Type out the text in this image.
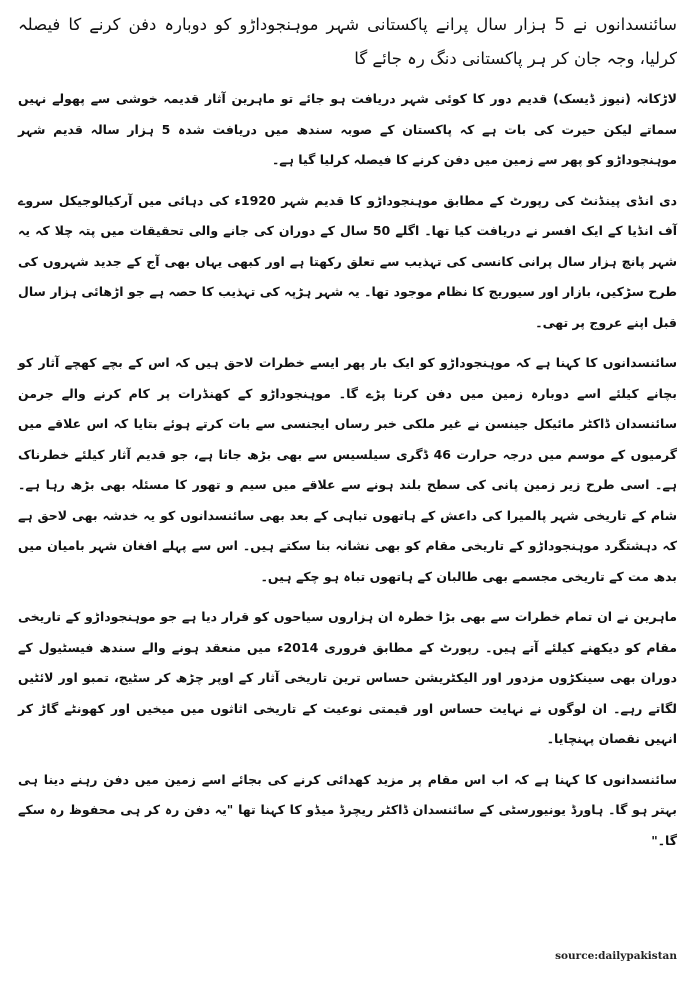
سائنسدانوں نے 5 ہزار سال پرانے پاکستانی شہر موہنجوداڑو کو دوبارہ دفن کرنے کا فیصلہ کرلیا، وجہ جان کر ہر پاکستانی دنگ رہ جائے گا

لاڑکانہ (نیوز ڈیسک) قدیم دور کا کوئی شہر دریافت ہو جائے تو ماہرین آثار قدیمہ خوشی سے پھولے نہیں سماتے لیکن حیرت کی بات ہے کہ پاکستان کے صوبہ سندھ میں دریافت شدہ 5 ہزار سالہ قدیم شہر موہنجوداڑو کو پھر سے زمین میں دفن کرنے کا فیصلہ کرلیا گیا ہے۔

دی انڈی پینڈنٹ کی رپورٹ کے مطابق موہنجوداڑو کا قدیم شہر 1920ء کی دہائی میں آرکیالوجیکل سروے آف انڈیا کے ایک افسر نے دریافت کیا تھا۔ اگلے 50 سال کے دوران کی جانے والی تحقیقات میں پتہ چلا کہ یہ شہر پانچ ہزار سال پرانی کانسی کی تہذیب سے تعلق رکھتا ہے اور کبھی یہاں بھی آج کے جدید شہروں کی طرح سڑکیں، بازار اور سیوریج کا نظام موجود تھا۔ یہ شہر ہڑپہ کی تہذیب کا حصہ ہے جو اڑھائی ہزار سال قبل اپنے عروج پر تھی۔

سائنسدانوں کا کہنا ہے کہ موہنجوداڑو کو ایک بار پھر ایسے خطرات لاحق ہیں کہ اس کے بچے کھچے آثار کو بچانے کیلئے اسے دوبارہ زمین میں دفن کرنا پڑے گا۔ موہنجوداڑو کے کھنڈرات پر کام کرنے والے جرمن سائنسدان ڈاکٹر مائیکل جینسن نے غیر ملکی خبر رساں ایجنسی سے بات کرتے ہوئے بتایا کہ اس علاقے میں گرمیوں کے موسم میں درجہ حرارت 46 ڈگری سیلسیس سے بھی بڑھ جاتا ہے، جو قدیم آثار کیلئے خطرناک ہے۔ اسی طرح زیر زمین پانی کی سطح بلند ہونے سے علاقے میں سیم و تھور کا مسئلہ بھی بڑھ رہا ہے۔ شام کے تاریخی شہر پالمیرا کی داعش کے ہاتھوں تباہی کے بعد بھی سائنسدانوں کو یہ خدشہ بھی لاحق ہے کہ دہشتگرد موہنجوداڑو کے تاریخی مقام کو بھی نشانہ بنا سکتے ہیں۔ اس سے پہلے افغان شہر بامیان میں بدھ مت کے تاریخی مجسمے بھی طالبان کے ہاتھوں تباہ ہو چکے ہیں۔

ماہرین نے ان تمام خطرات سے بھی بڑا خطرہ ان ہزاروں سیاحوں کو قرار دیا ہے جو موہنجوداڑو کے تاریخی مقام کو دیکھنے کیلئے آتے ہیں۔ رپورٹ کے مطابق فروری 2014ء میں منعقد ہونے والے سندھ فیسٹیول کے دوران بھی سینکڑوں مزدور اور الیکٹریشن حساس ترین تاریخی آثار کے اوپر چڑھ کر سٹیج، تمبو اور لائٹیں لگاتے رہے۔ ان لوگوں نے نہایت حساس اور قیمتی نوعیت کے تاریخی اثاثوں میں میخیں اور کھونٹے گاڑ کر انہیں نقصان پہنچایا۔

سائنسدانوں کا کہنا ہے کہ اب اس مقام پر مزید کھدائی کرنے کی بجائے اسے زمین میں دفن رہنے دینا ہی بہتر ہو گا۔ ہاورڈ یونیورسٹی کے سائنسدان ڈاکٹر ریچرڈ میڈو کا کہنا تھا "یہ دفن رہ کر ہی محفوظ رہ سکے گا۔"

source:dailypakistan
